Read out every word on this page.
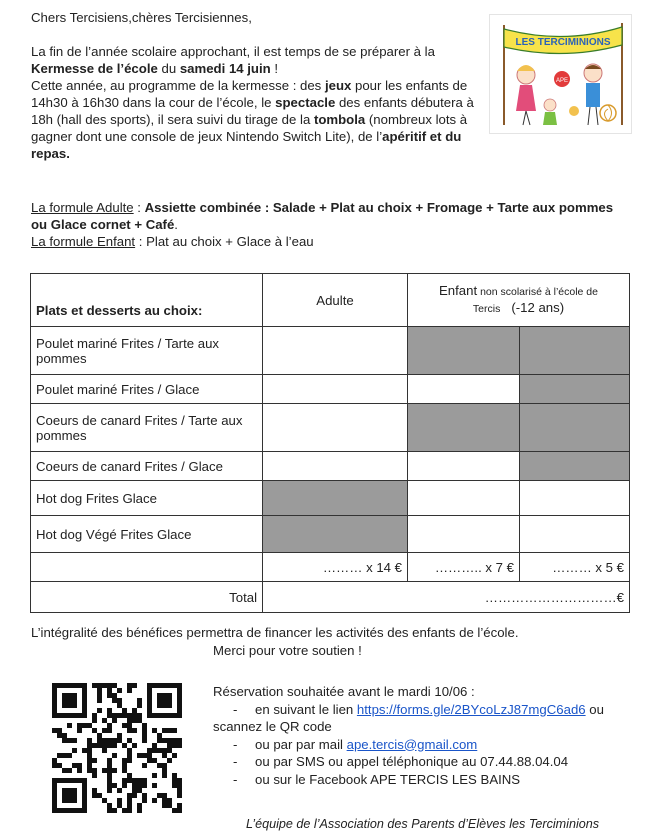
Chers Tercisiens,chères Tercisiennes,

La fin de l’année scolaire approchant, il est temps de se préparer à la Kermesse de l’école du samedi 14 juin !

Cette année, au programme de la kermesse : des jeux pour les enfants de 14h30 à 16h30 dans la cour de l’école, le spectacle des enfants débutera à 18h (hall des sports), il sera suivi du tirage de la tombola (nombreux lots à gagner dont une console de jeux Nintendo Switch Lite), de l’apéritif et du repas.

LES TERCIMINIONS
APE

La formule Adulte : Assiette combinée : Salade + Plat au choix + Fromage + Tarte aux pommes ou Glace cornet + Café.

La formule Enfant : Plat au choix + Glace à l’eau

Plats et desserts au choix:	Adulte	Enfant non scolarisé à l’école de Tercis (-12 ans)	
Poulet mariné Frites / Tarte aux pommes			
Poulet mariné Frites / Glace			
Coeurs de canard Frites / Tarte aux pommes			
Coeurs de canard Frites / Glace			
Hot dog Frites Glace			
Hot dog Végé Frites Glace			
	……… x 14 €	……….. x 7 €	……… x 5 €
Total	…………………………€		

L’intégralité des bénéfices permettra de financer les activités des enfants de l’école.

Merci pour votre soutien !

Réservation souhaitée avant le mardi 10/06 :

- en suivant le lien https://forms.gle/2BYcoLzJ87mgC6ad6 ou

scannez le QR code

- ou par par mail ape.tercis@gmail.com

- ou par SMS ou appel téléphonique au 07.44.88.04.04

- ou sur le Facebook APE TERCIS LES BAINS

L’équipe de l’Association des Parents d’Elèves les Terciminions
